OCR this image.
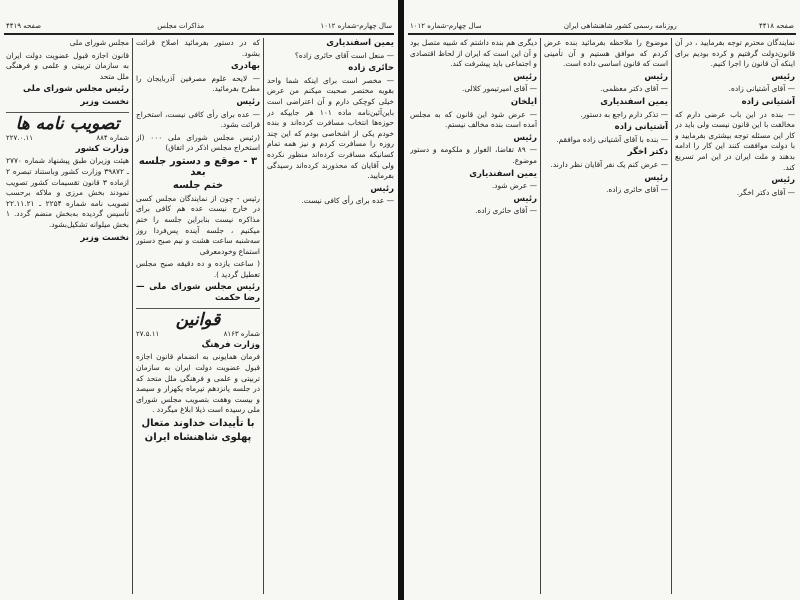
سال چهارم-شماره ۱۰۱۲
مذاکرات مجلس
صفحه ۴۴۱۹

یمین اسفندیاری

— منعل است آقای حائری زاده؟

حائری زاده

— مخصر است برای اینکه شما واحد بقویه مختصر صحبت میکنم من عرض خیلی کوچکی دارم و آن اعتراضی است باین‌آئین‌نامه ماده ۱۰۱ هر جاییکه در حوزه‌ها انتخاب مسافرت کرده‌اند و بنده خودم یکی از اشخاصی بودم که این چند روزه را مسافرت کردم و نیز همه تمام کسانیکه مسافرت کرده‌اند منظور نکرده ولی آقایان که محذورند کرده‌اند رسیدگی بفرمایید.

رئیس

— عده برای رأی کافی نیست.

که در دستور بفرمائید اصلاح قرائت بشود.

بهادری

— لایحه علوم مصرفین آذربایجان را مطرح بفرمائید.

رئیس

— عده برای رأی کافی نیست، استخراج قرائت بشود.

(رئیس مجلس شورای ملی ۰۰۰ (از استخراج مجلس اذکر در اتفاق)

۳ - موقع و دستور جلسه بعد
ختم جلسه

رئیس - چون از نمایندگان مجلس کسی در خارج نیست عده هم کافی برای مذاکره نیست بنابراین جلسه را ختم میکنیم ، جلسه آینده پس‌فردا روز سه‌شنبه ساعت هشت و نیم صبح دستور استماع وخودمعرفی

( ساعت یازده و ده دقیقه صبح مجلس تعطیل گردید ).

رئیس مجلس شورای ملی — رضا حکمت

قوانین
شماره ۸۱۶۳
۲۷.۵.۱۱

وزارت فرهنگ

فرمان همایونی به انضمام قانون اجازه قبول عضویت دولت ایران به سازمان تربیتی و علمی و فرهنگی ملل متحد که در جلسه پانزدهم تیرماه یکهزار و سیصد و بیست وهفت بتصویب مجلس شورای ملی رسیده است ذیلا ابلاغ میگردد .

با تأییدات خداوند متعال
پهلوی شاهنشاه ایران

مجلس شورای ملی

قانون اجازه قبول عضویت دولت ایران به سازمان تربیتی و علمی و فرهنگی ملل متحد

رئیس مجلس شورای ملی

نخست وزیر

تصویب نامه ها
شماره ۸۸۴
۲۲۷.۰.۱۱

وزارت کشور

هیئت وزیران طبق پیشنهاد شماره ۲۷۷۰ ـ ۳۹۸۷۲ وزارت کشور وباستناد تبصره ۲ ازماده ۳ قانون تقسیمات کشور تصویب نمودند بخش مرزی و ملاکه برحسب تصویب نامه شماره ۲۲۵۴ ـ ۲۲.۱۱.۲۱ تأسیس گردیده به‌بخش منضم گردد. ۱ بخش میلوانه تشکیل‌بشود.

نخست وزیر

صفحه ۴۴۱۸
روزنامه رسمی کشور شاهنشاهی ایران
سال چهارم-شماره ۱۰۱۲

نمایندگان محترم توجه بفرمایید ، در آن قانون‌دولت گرفتیم و کرده بودیم برای اینکه آن قانون را اجرا کنیم.

رئیس

— آقای آشتیانی زاده.

آشتیانی زاده

— بنده در این باب عرضی دارم که مخالفت با این قانون نیست ولی باید در کار این مسئله توجه بیشتری بفرمایید و با دولت موافقت کنند این کار را ادامه بدهند و ملت ایران در این امر تسریع کند.

رئیس

— آقای دکتر اخگر.

موضوع را ملاحظه بفرمائید بنده عرض کردم که موافق هستیم و آن تأمینی است که قانون اساسی داده است.

رئیس

— آقای دکتر معظمی.

یمین اسفندیاری

— تذکر دارم راجع به دستور.

آشتیانی زاده

— بنده با آقای آشتیانی زاده موافقم.

دکتر اخگر

— عرض کنم یک نفر آقایان نظر دارند.

رئیس

— آقای حائری زاده.

دیگری هم بنده داشتم که شبیه متصل بود و آن این است که ایران از لحاظ اقتصادی و اجتماعی باید پیشرفت کند.

رئیس

— آقای امیرتیمور کلالی.

ایلخان

— عرض شود این قانون که به مجلس آمده است بنده مخالف نیستم.

رئیس

— ۸۹ تقاضا، الغوار و ملکومه و دستور موضوع.

یمین اسفندیاری

— عرض شود.

رئیس

— آقای حائری زاده.
